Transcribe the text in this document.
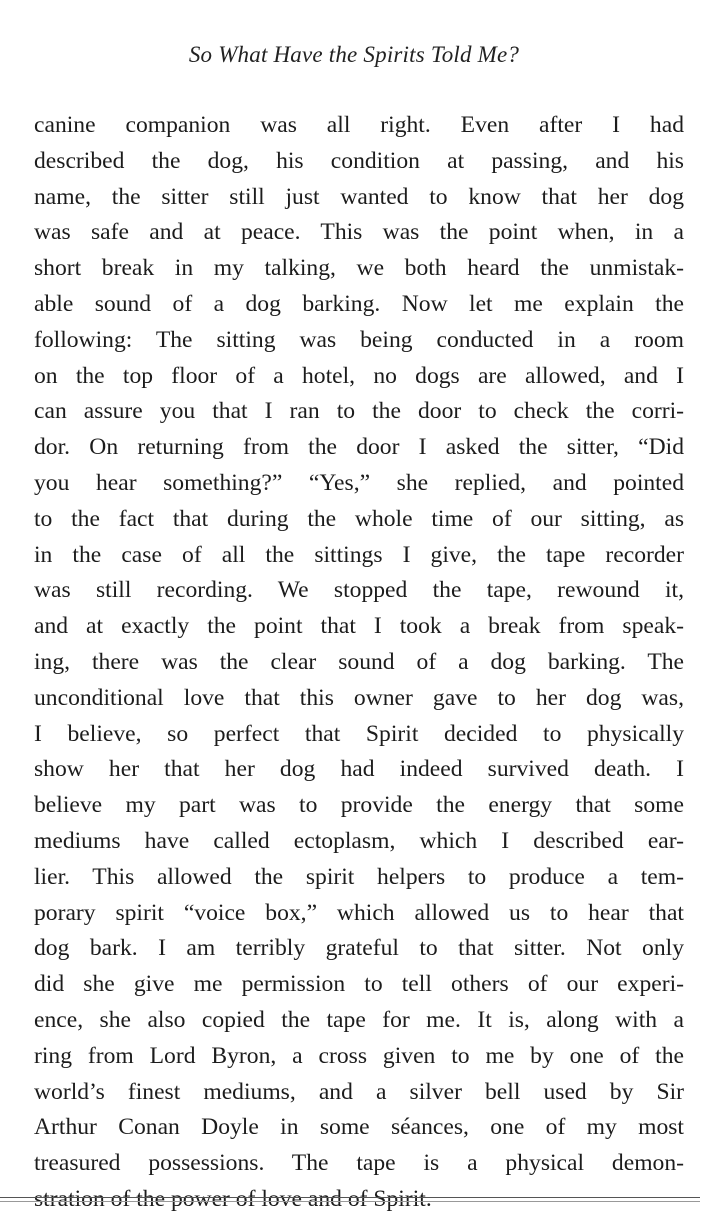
So What Have the Spirits Told Me?
canine companion was all right. Even after I had
described the dog, his condition at passing, and his
name, the sitter still just wanted to know that her dog
was safe and at peace. This was the point when, in a
short break in my talking, we both heard the unmistak-
able sound of a dog barking. Now let me explain the
following: The sitting was being conducted in a room
on the top floor of a hotel, no dogs are allowed, and I
can assure you that I ran to the door to check the corri-
dor. On returning from the door I asked the sitter, “Did
you hear something?” “Yes,” she replied, and pointed
to the fact that during the whole time of our sitting, as
in the case of all the sittings I give, the tape recorder
was still recording. We stopped the tape, rewound it,
and at exactly the point that I took a break from speak-
ing, there was the clear sound of a dog barking. The
unconditional love that this owner gave to her dog was,
I believe, so perfect that Spirit decided to physically
show her that her dog had indeed survived death. I
believe my part was to provide the energy that some
mediums have called ectoplasm, which I described ear-
lier. This allowed the spirit helpers to produce a tem-
porary spirit “voice box,” which allowed us to hear that
dog bark. I am terribly grateful to that sitter. Not only
did she give me permission to tell others of our experi-
ence, she also copied the tape for me. It is, along with a
ring from Lord Byron, a cross given to me by one of the
world’s finest mediums, and a silver bell used by Sir
Arthur Conan Doyle in some séances, one of my most
treasured possessions. The tape is a physical demon-
stration of the power of love and of Spirit.
